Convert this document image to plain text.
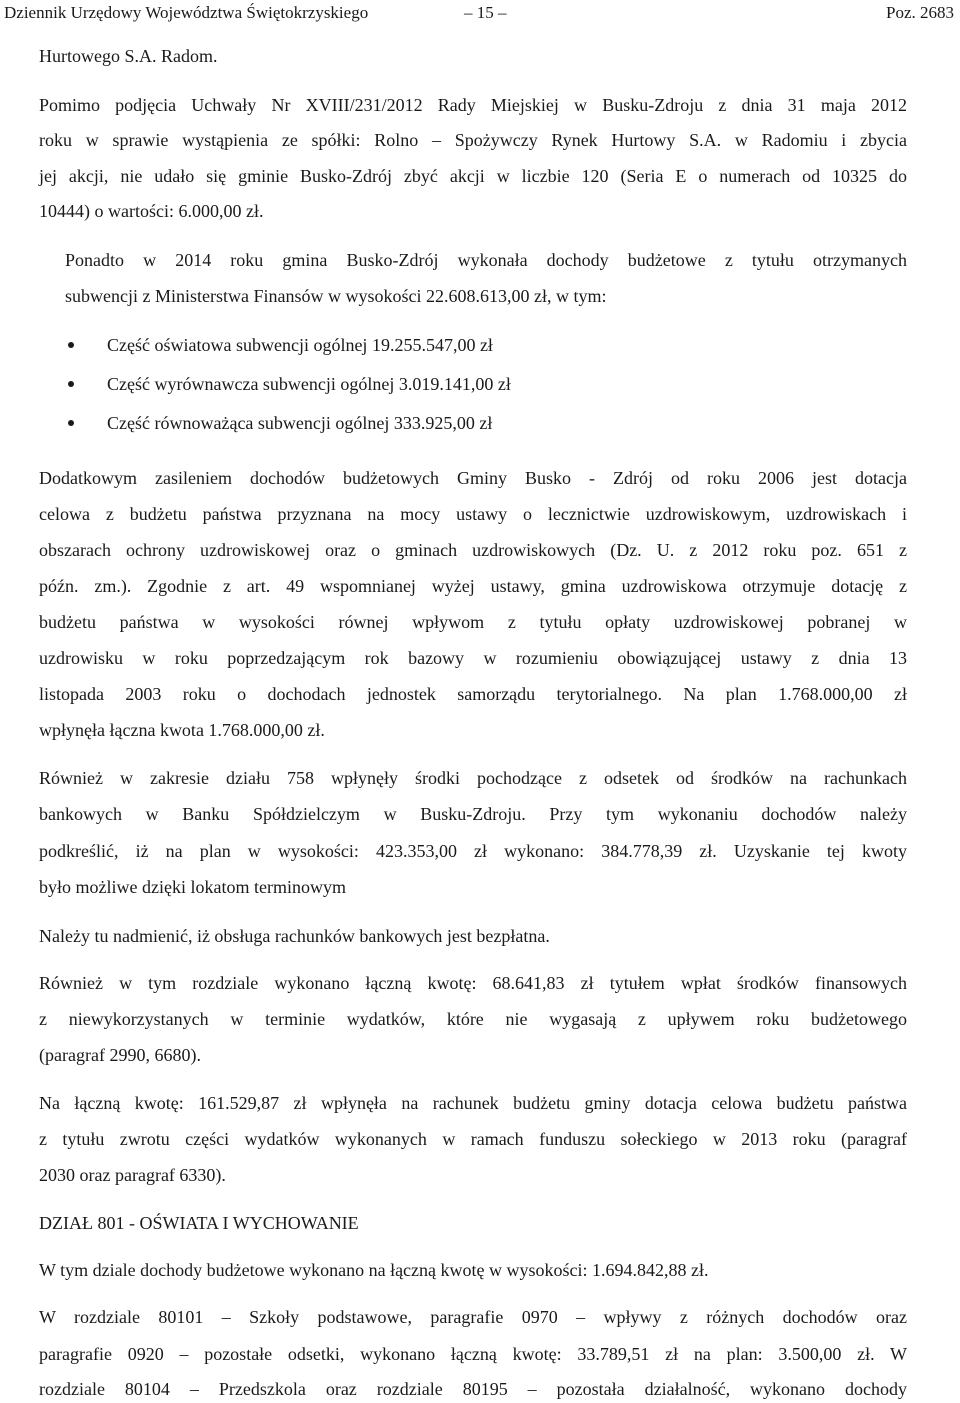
Dziennik Urzędowy Województwa Świętokrzyskiego	– 15 –	Poz. 2683
Hurtowego S.A. Radom.
Pomimo podjęcia Uchwały Nr XVIII/231/2012 Rady Miejskiej w Busku-Zdroju z dnia 31 maja 2012
roku w sprawie wystąpienia ze spółki: Rolno – Spożywczy Rynek Hurtowy S.A. w Radomiu i zbycia
jej akcji, nie udało się gminie Busko-Zdrój zbyć akcji w liczbie 120 (Seria E o numerach od 10325 do
10444) o wartości: 6.000,00 zł.
Ponadto w 2014 roku gmina Busko-Zdrój wykonała dochody budżetowe z tytułu otrzymanych
subwencji z Ministerstwa Finansów w wysokości 22.608.613,00 zł, w tym:
Część oświatowa subwencji ogólnej 19.255.547,00 zł
Część wyrównawcza subwencji ogólnej 3.019.141,00 zł
Część równoważąca subwencji ogólnej 333.925,00 zł
Dodatkowym zasileniem dochodów budżetowych Gminy Busko - Zdrój od roku 2006 jest dotacja
celowa z budżetu państwa przyznana na mocy ustawy o lecznictwie uzdrowiskowym, uzdrowiskach i
obszarach ochrony uzdrowiskowej oraz o gminach uzdrowiskowych (Dz. U. z 2012 roku poz. 651 z
późn. zm.). Zgodnie z art. 49 wspomnianej wyżej ustawy, gmina uzdrowiskowa otrzymuje dotację z
budżetu państwa w wysokości równej wpływom z tytułu opłaty uzdrowiskowej pobranej w
uzdrowisku w roku poprzedzającym rok bazowy w rozumieniu obowiązującej ustawy z dnia 13
listopada 2003 roku o dochodach jednostek samorządu terytorialnego. Na plan 1.768.000,00 zł
wpłynęła łączna kwota 1.768.000,00 zł.
Również w zakresie działu 758 wpłynęły środki pochodzące z odsetek od środków na rachunkach
bankowych w Banku Spółdzielczym w Busku-Zdroju. Przy tym wykonaniu dochodów należy
podkreślić, iż na plan w wysokości: 423.353,00 zł wykonano: 384.778,39 zł. Uzyskanie tej kwoty
było możliwe dzięki lokatom terminowym
Należy tu nadmienić, iż obsługa rachunków bankowych jest bezpłatna.
Również w tym rozdziale wykonano łączną kwotę: 68.641,83 zł tytułem wpłat środków finansowych
z niewykorzystanych w terminie wydatków, które nie wygasają z upływem roku budżetowego
(paragraf 2990, 6680).
Na łączną kwotę: 161.529,87 zł wpłynęła na rachunek budżetu gminy dotacja celowa budżetu państwa
z tytułu zwrotu części wydatków wykonanych w ramach funduszu sołeckiego w 2013 roku (paragraf
2030 oraz paragraf 6330).
DZIAŁ 801 - OŚWIATA I WYCHOWANIE
W tym dziale dochody budżetowe wykonano na łączną kwotę w wysokości: 1.694.842,88 zł.
W rozdziale 80101 – Szkoły podstawowe, paragrafie 0970 – wpływy z różnych dochodów oraz
paragrafie 0920 – pozostałe odsetki, wykonano łączną kwotę: 33.789,51 zł na plan: 3.500,00 zł. W
rozdziale 80104 – Przedszkola oraz rozdziale 80195 – pozostała działalność, wykonano dochody
